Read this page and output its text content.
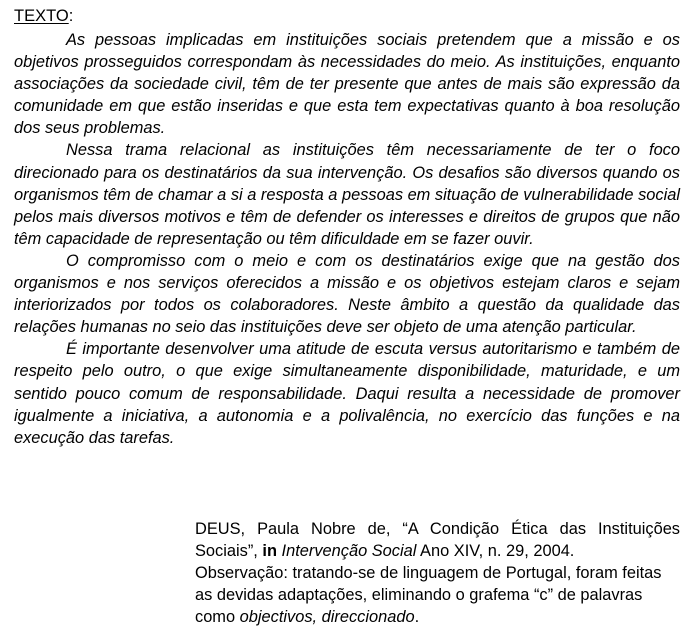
TEXTO:

As pessoas implicadas em instituições sociais pretendem que a missão e os objetivos prosseguidos correspondam às necessidades do meio. As instituições, enquanto associações da sociedade civil, têm de ter presente que antes de mais são expressão da comunidade em que estão inseridas e que esta tem expectativas quanto à boa resolução dos seus problemas.

Nessa trama relacional as instituições têm necessariamente de ter o foco direcionado para os destinatários da sua intervenção. Os desafios são diversos quando os organismos têm de chamar a si a resposta a pessoas em situação de vulnerabilidade social pelos mais diversos motivos e têm de defender os interesses e direitos de grupos que não têm capacidade de representação ou têm dificuldade em se fazer ouvir.

O compromisso com o meio e com os destinatários exige que na gestão dos organismos e nos serviços oferecidos a missão e os objetivos estejam claros e sejam interiorizados por todos os colaboradores. Neste âmbito a questão da qualidade das relações humanas no seio das instituições deve ser objeto de uma atenção particular.

É importante desenvolver uma atitude de escuta versus autoritarismo e também de respeito pelo outro, o que exige simultaneamente disponibilidade, maturidade, e um sentido pouco comum de responsabilidade. Daqui resulta a necessidade de promover igualmente a iniciativa, a autonomia e a polivalência, no exercício das funções e na execução das tarefas.

DEUS, Paula Nobre de, “A Condição Ética das Instituições Sociais”, in Intervenção Social Ano XIV, n. 29, 2004.

Observação: tratando-se de linguagem de Portugal, foram feitas as devidas adaptações, eliminando o grafema “c” de palavras como objectivos, direccionado.
